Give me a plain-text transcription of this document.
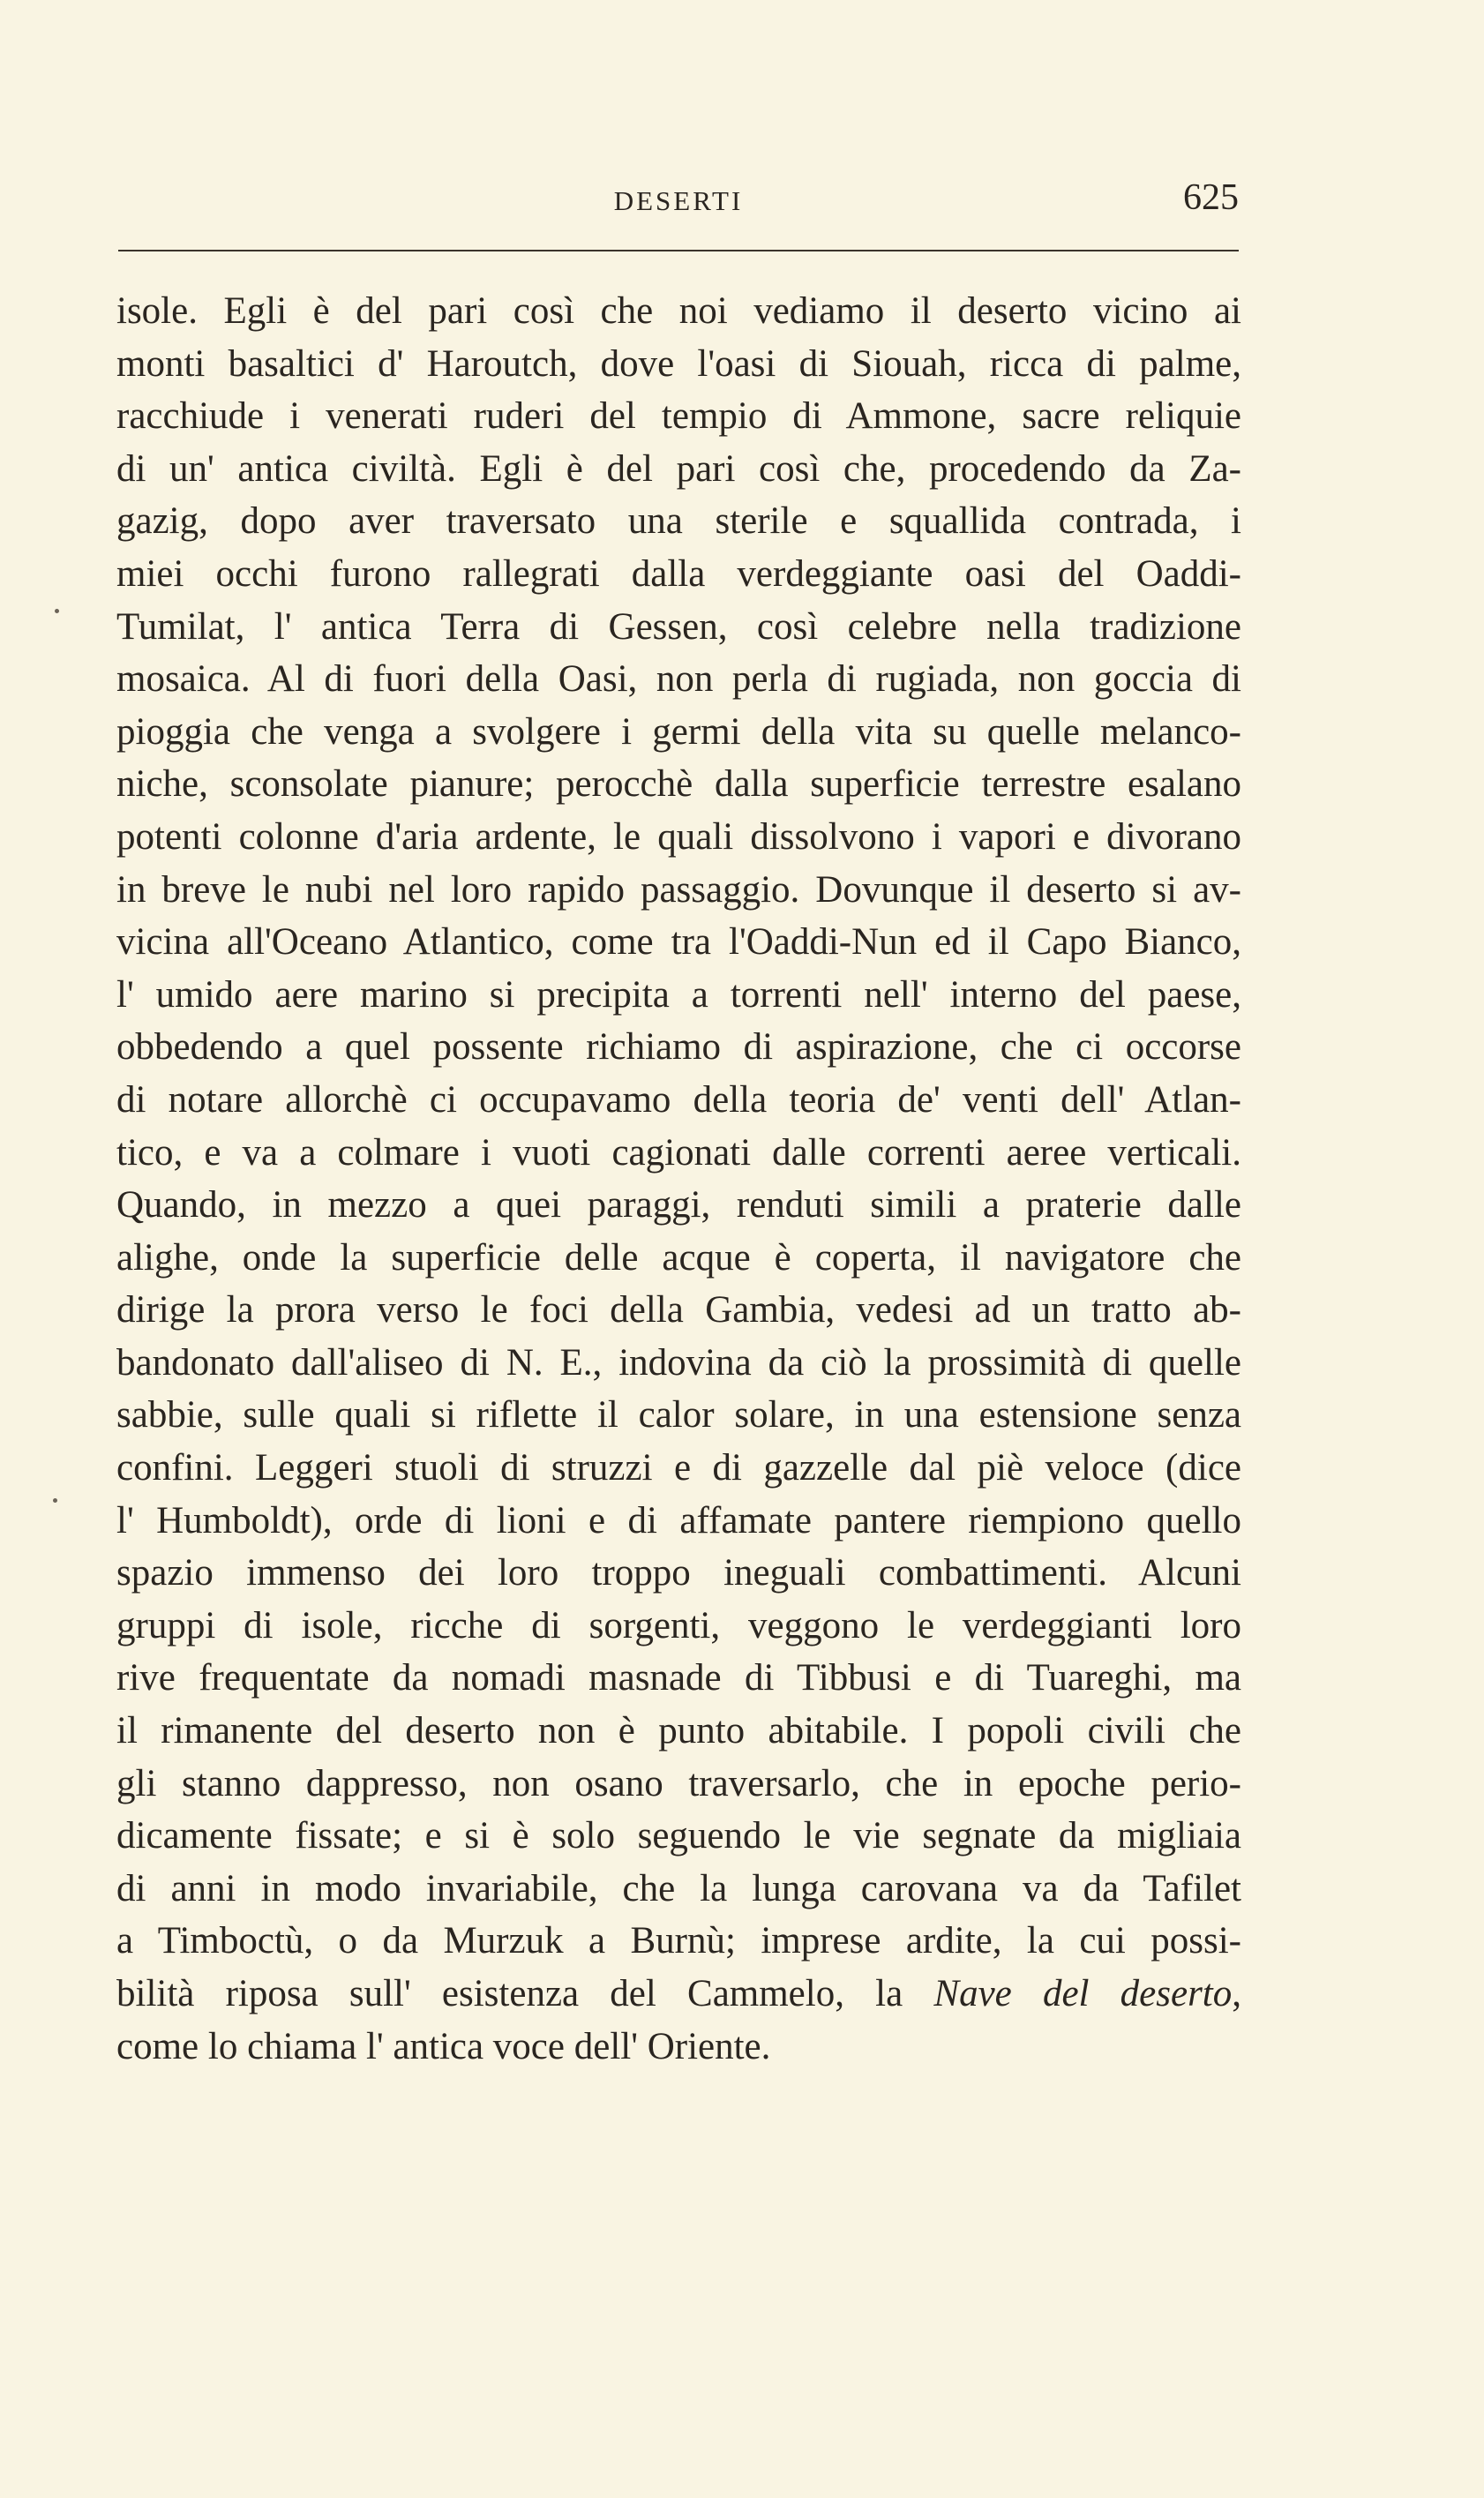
DESERTI	625
isole. Egli è del pari così che noi vediamo il deserto vicino ai
monti basaltici d' Haroutch, dove l'oasi di Siouah, ricca di palme,
racchiude i venerati ruderi del tempio di Ammone, sacre reliquie
di un' antica civiltà. Egli è del pari così che, procedendo da Za-
gazig, dopo aver traversato una sterile e squallida contrada, i
miei occhi furono rallegrati dalla verdeggiante oasi del Oaddi-
Tumilat, l' antica Terra di Gessen, così celebre nella tradizione
mosaica. Al di fuori della Oasi, non perla di rugiada, non goccia di
pioggia che venga a svolgere i germi della vita su quelle melanco-
niche, sconsolate pianure; perocchè dalla superficie terrestre esalano
potenti colonne d'aria ardente, le quali dissolvono i vapori e divorano
in breve le nubi nel loro rapido passaggio. Dovunque il deserto si av-
vicina all'Oceano Atlantico, come tra l'Oaddi-Nun ed il Capo Bianco,
l' umido aere marino si precipita a torrenti nell' interno del paese,
obbedendo a quel possente richiamo di aspirazione, che ci occorse
di notare allorchè ci occupavamo della teoria de' venti dell' Atlan-
tico, e va a colmare i vuoti cagionati dalle correnti aeree verticali.
Quando, in mezzo a quei paraggi, renduti simili a praterie dalle
alighe, onde la superficie delle acque è coperta, il navigatore che
dirige la prora verso le foci della Gambia, vedesi ad un tratto ab-
bandonato dall'aliseo di N. E., indovina da ciò la prossimità di quelle
sabbie, sulle quali si riflette il calor solare, in una estensione senza
confini. Leggeri stuoli di struzzi e di gazzelle dal piè veloce (dice
l' Humboldt), orde di lioni e di affamate pantere riempiono quello
spazio immenso dei loro troppo ineguali combattimenti. Alcuni
gruppi di isole, ricche di sorgenti, veggono le verdeggianti loro
rive frequentate da nomadi masnade di Tibbusi e di Tuareghi, ma
il rimanente del deserto non è punto abitabile. I popoli civili che
gli stanno dappresso, non osano traversarlo, che in epoche perio-
dicamente fissate; e si è solo seguendo le vie segnate da migliaia
di anni in modo invariabile, che la lunga carovana va da Tafilet
a Timboctù, o da Murzuk a Burnù; imprese ardite, la cui possi-
bilità riposa sull' esistenza del Cammelo, la Nave del deserto,
come lo chiama l' antica voce dell' Oriente.
